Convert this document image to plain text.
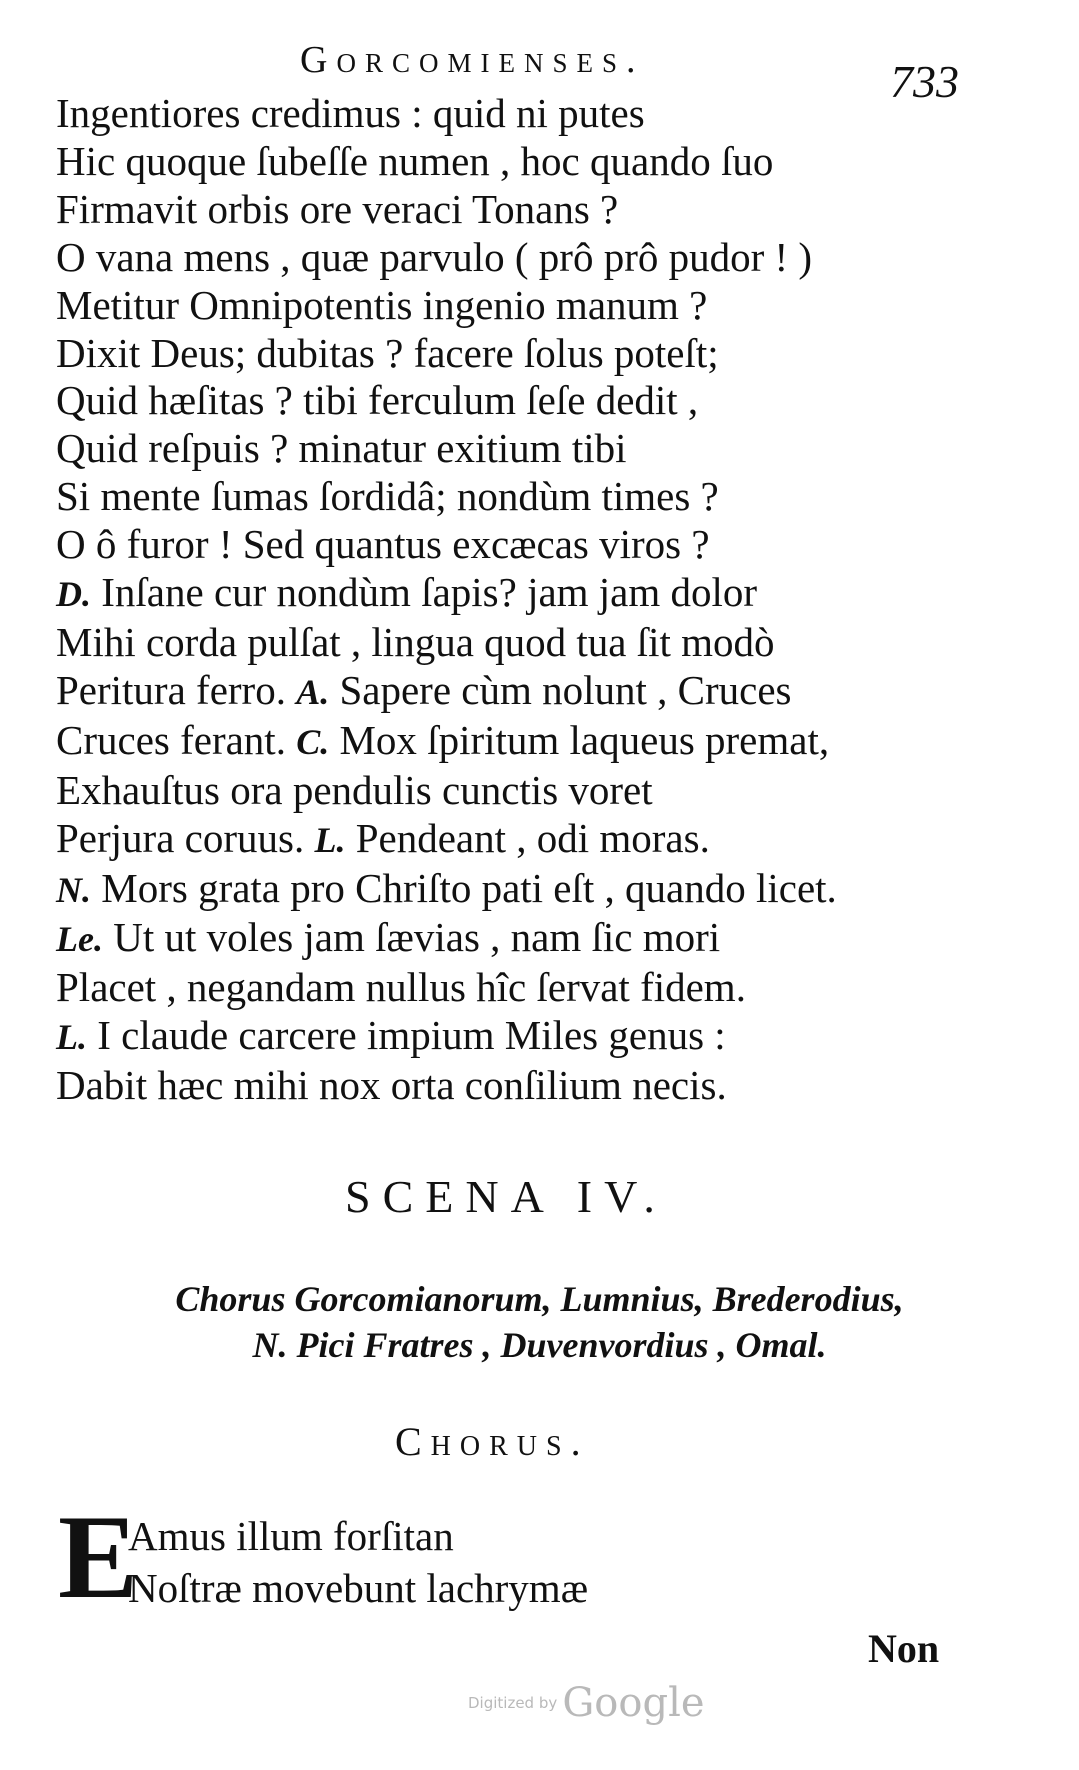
Gorcomienses.	733
Ingentiores credimus : quid ni putes
Hic quoque ſubeſſe numen , hoc quando ſuo
Firmavit orbis ore veraci Tonans ?
O vana mens , quæ parvulo ( prô prô pudor ! )
Metitur Omnipotentis ingenio manum ?
Dixit Deus; dubitas ? facere ſolus poteſt;
Quid hæſitas ? tibi ferculum ſeſe dedit ,
Quid reſpuis ? minatur exitium tibi
Si mente ſumas ſordidâ; nondùm times ?
O ô furor ! Sed quantus excæcas viros ?
D. Inſane cur nondùm ſapis? jam jam dolor
Mihi corda pulſat , lingua quod tua ſit modò
Peritura ferro. A. Sapere cùm nolunt , Cruces
Cruces ferant. C. Mox ſpiritum laqueus premat,
Exhauſtus ora pendulis cunctis voret
Perjura coruus. L. Pendeant , odi moras.
N. Mors grata pro Chriſto pati eſt , quando licet.
Le. Ut ut voles jam ſævias , nam ſic mori
Placet , negandam nullus hîc ſervat fidem.
L. I claude carcere impium Miles genus :
Dabit hæc mihi nox orta conſilium necis.
SCENA IV.
Chorus Gorcomianorum, Lumnius, Brederodius,
N. Pici Fratres , Duvenvordius , Omal.
Chorus.
E
Amus illum forſitan
Noſtræ movebunt lachrymæ
Non
Digitized by Google
